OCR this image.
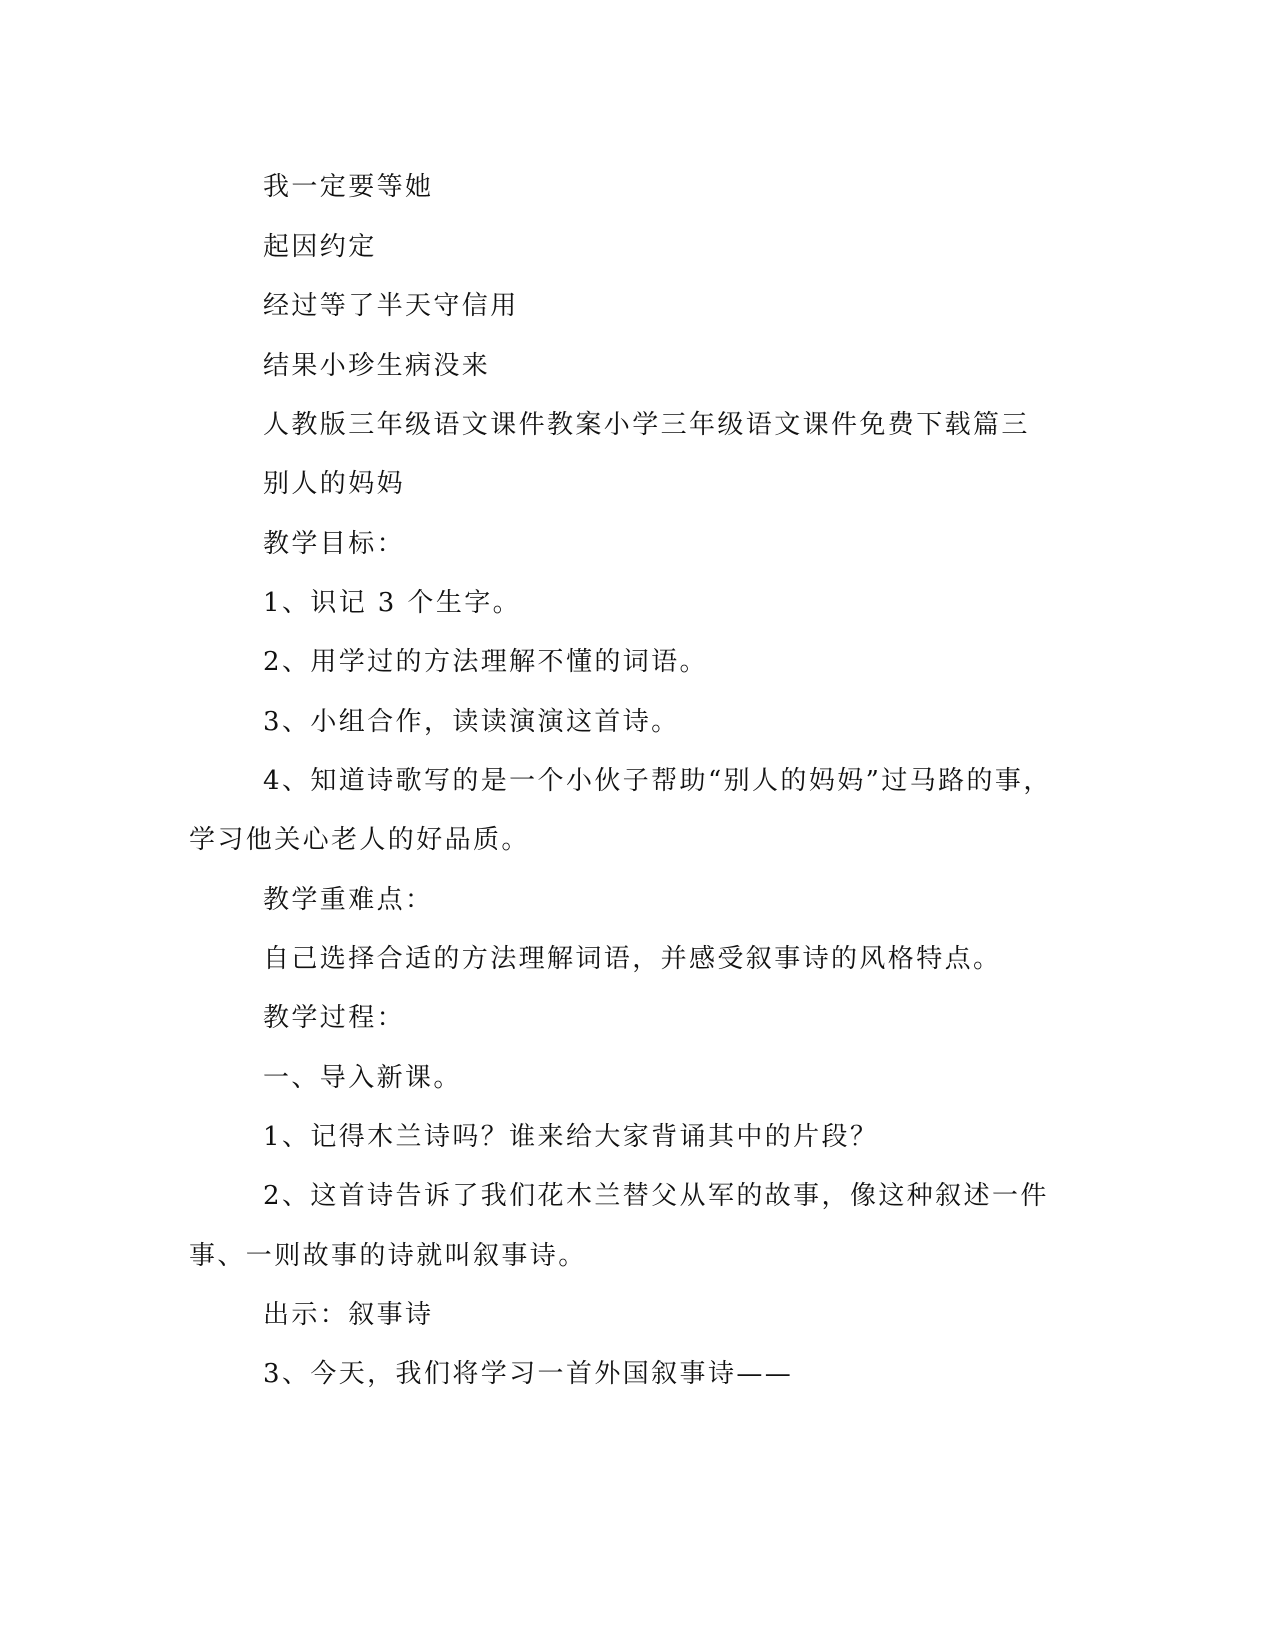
我一定要等她

起因约定

经过等了半天守信用

结果小珍生病没来

人教版三年级语文课件教案小学三年级语文课件免费下载篇三

别人的妈妈

教学目标：

1、识记 3 个生字。

2、用学过的方法理解不懂的词语。

3、小组合作，读读演演这首诗。

4、知道诗歌写的是一个小伙子帮助“别人的妈妈”过马路的事，

学习他关心老人的好品质。

教学重难点：

自己选择合适的方法理解词语，并感受叙事诗的风格特点。

教学过程：

一、导入新课。

1、记得木兰诗吗？谁来给大家背诵其中的片段？

2、这首诗告诉了我们花木兰替父从军的故事，像这种叙述一件

事、一则故事的诗就叫叙事诗。

出示：叙事诗

3、今天，我们将学习一首外国叙事诗——
